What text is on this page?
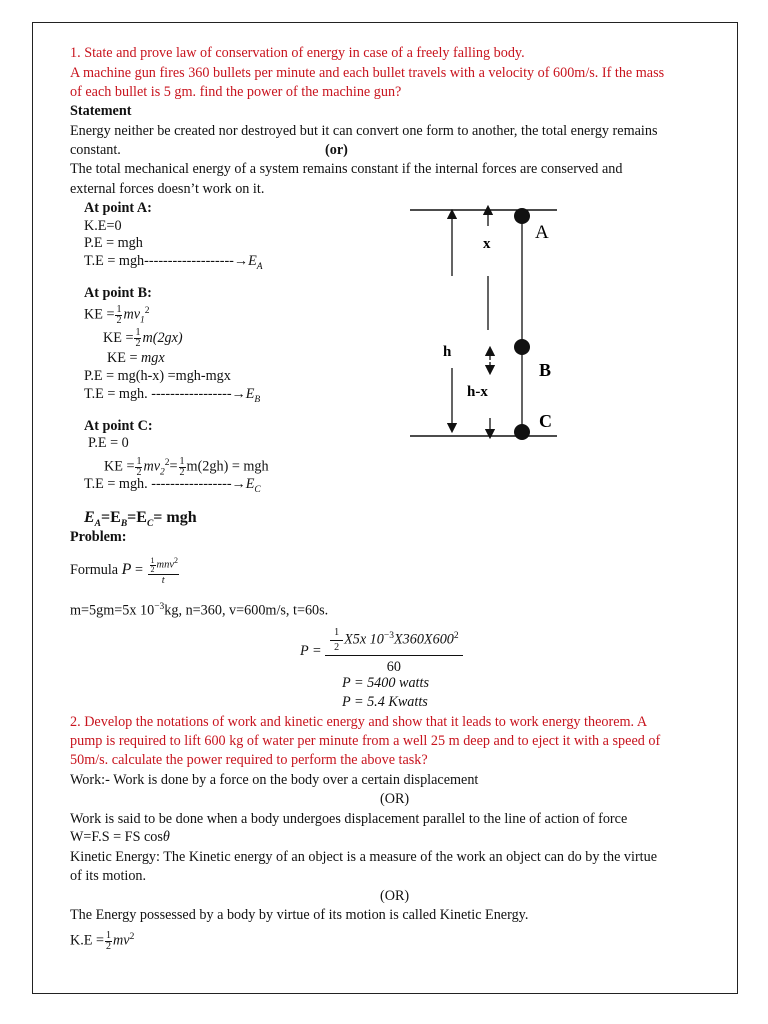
1. State and prove law of conservation of energy in case of a freely falling body.
A machine gun fires 360 bullets per minute and each bullet travels with a velocity of 600m/s. If the mass
of each bullet is 5 gm. find the power of the machine gun?
Statement
Energy neither be created nor destroyed but it can convert one form to another, the total energy remains
constant.	(or)
The total mechanical energy of a system remains constant if the internal forces are conserved and
external forces doesn’t work on it.
At point A:
K.E=0
P.E = mgh
T.E = mgh-$------------------\to E_A$
At point B:
KE = $\frac{1}{2} mv_1^2$
KE = $\frac{1}{2} m(2gx)$
KE = mgx
P.E = mg(h-x) =mgh-mgx
T.E = mgh. $-----------------\to E_B$
At point C:
P.E = 0
KE = $\frac{1}{2} mv_2^2= \frac{1}{2} m(2gh)$ = mgh
T.E = mgh. $-----------------\to E_C$
$E_A=E_B=E_C=$ mgh
Problem:
Formula $P = \frac{\frac{1}{2} mnv^2}{t}$
m=5gm=5x $10^{-3}kg$, n=360, v=600m/s, t=60s.
$P = \frac{\frac{1}{2} X5x 10^{-3}X360X600^2}{60}$
P = 5400 watts
P = 5.4 Kwatts
2. Develop the notations of work and kinetic energy and show that it leads to work energy theorem. A
pump is required to lift 600 kg of water per minute from a well 25 m deep and to eject it with a speed of
50m/s. calculate the power required to perform the above task?
Work:- Work is done by a force on the body over a certain displacement
(OR)
Work is said to be done when a body undergoes displacement parallel to the line of action of force
W=F.S = FS cosθ
Kinetic Energy: The Kinetic energy of an object is a measure of the work an object can do by the virtue
of its motion.
(OR)
The Energy possessed by a body by virtue of its motion is called Kinetic Energy.
$K.E = \frac{1}{2} mv^2$
A
B
C
h
x
h-x
